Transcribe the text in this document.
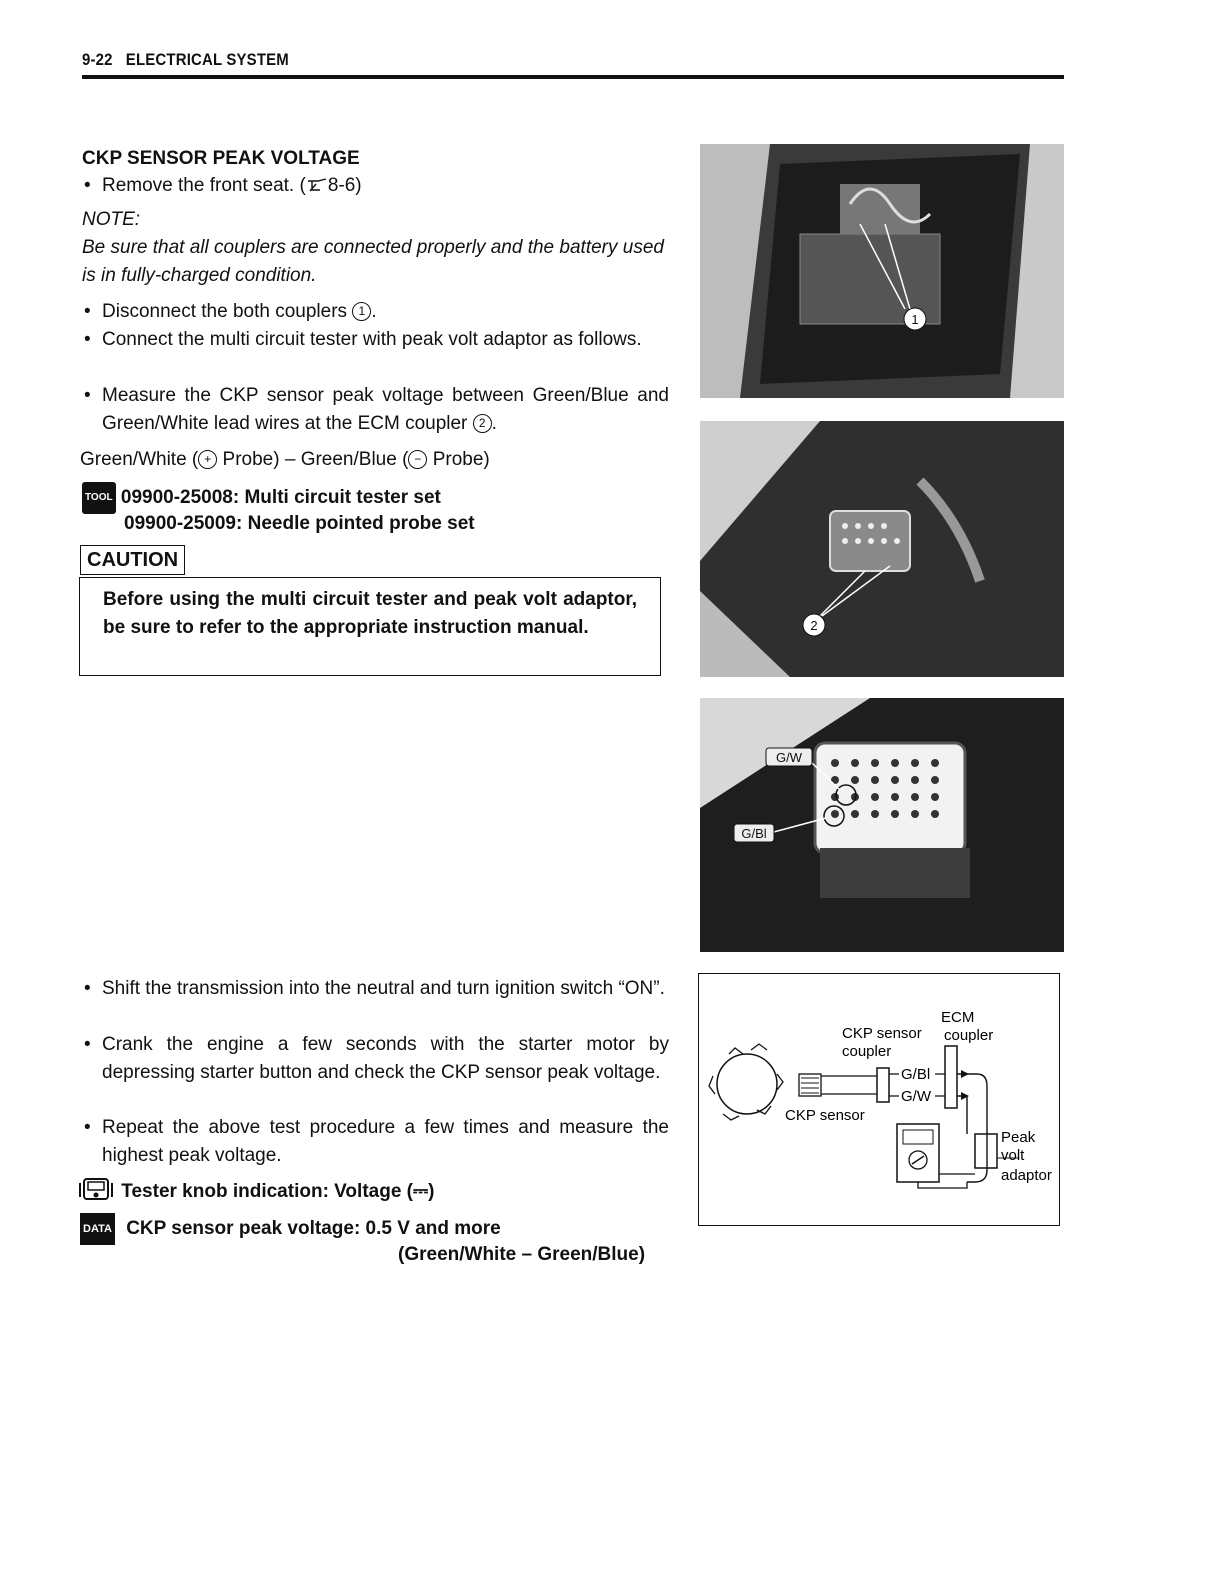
9-22 ELECTRICAL SYSTEM
CKP SENSOR PEAK VOLTAGE
• Remove the front seat. ( 8-6)
NOTE:
Be sure that all couplers are connected properly and the battery used is in fully-charged condition.
• Disconnect the both couplers 1 .
• Connect the multi circuit tester with peak volt adaptor as follows.
• Measure the CKP sensor peak voltage between Green/Blue and Green/White lead wires at the ECM coupler 2 .
Green/White ( + Probe) – Green/Blue ( − Probe)
TOOL 09900-25008: Multi circuit tester set
09900-25009: Needle pointed probe set
CAUTION
Before using the multi circuit tester and peak volt adaptor, be sure to refer to the appropriate instruction manual.
• Shift the transmission into the neutral and turn ignition switch “ON”.
• Crank the engine a few seconds with the starter motor by depressing starter button and check the CKP sensor peak voltage.
• Repeat the above test procedure a few times and measure the highest peak voltage.
Tester knob indication: Voltage (⎓)
DATA CKP sensor peak voltage: 0.5 V and more
(Green/White – Green/Blue)
1
2
G/W
G/Bl
G/Bl
G/W
ECM
coupler
CKP sensor
coupler
CKP sensor
Peak
volt
adaptor
